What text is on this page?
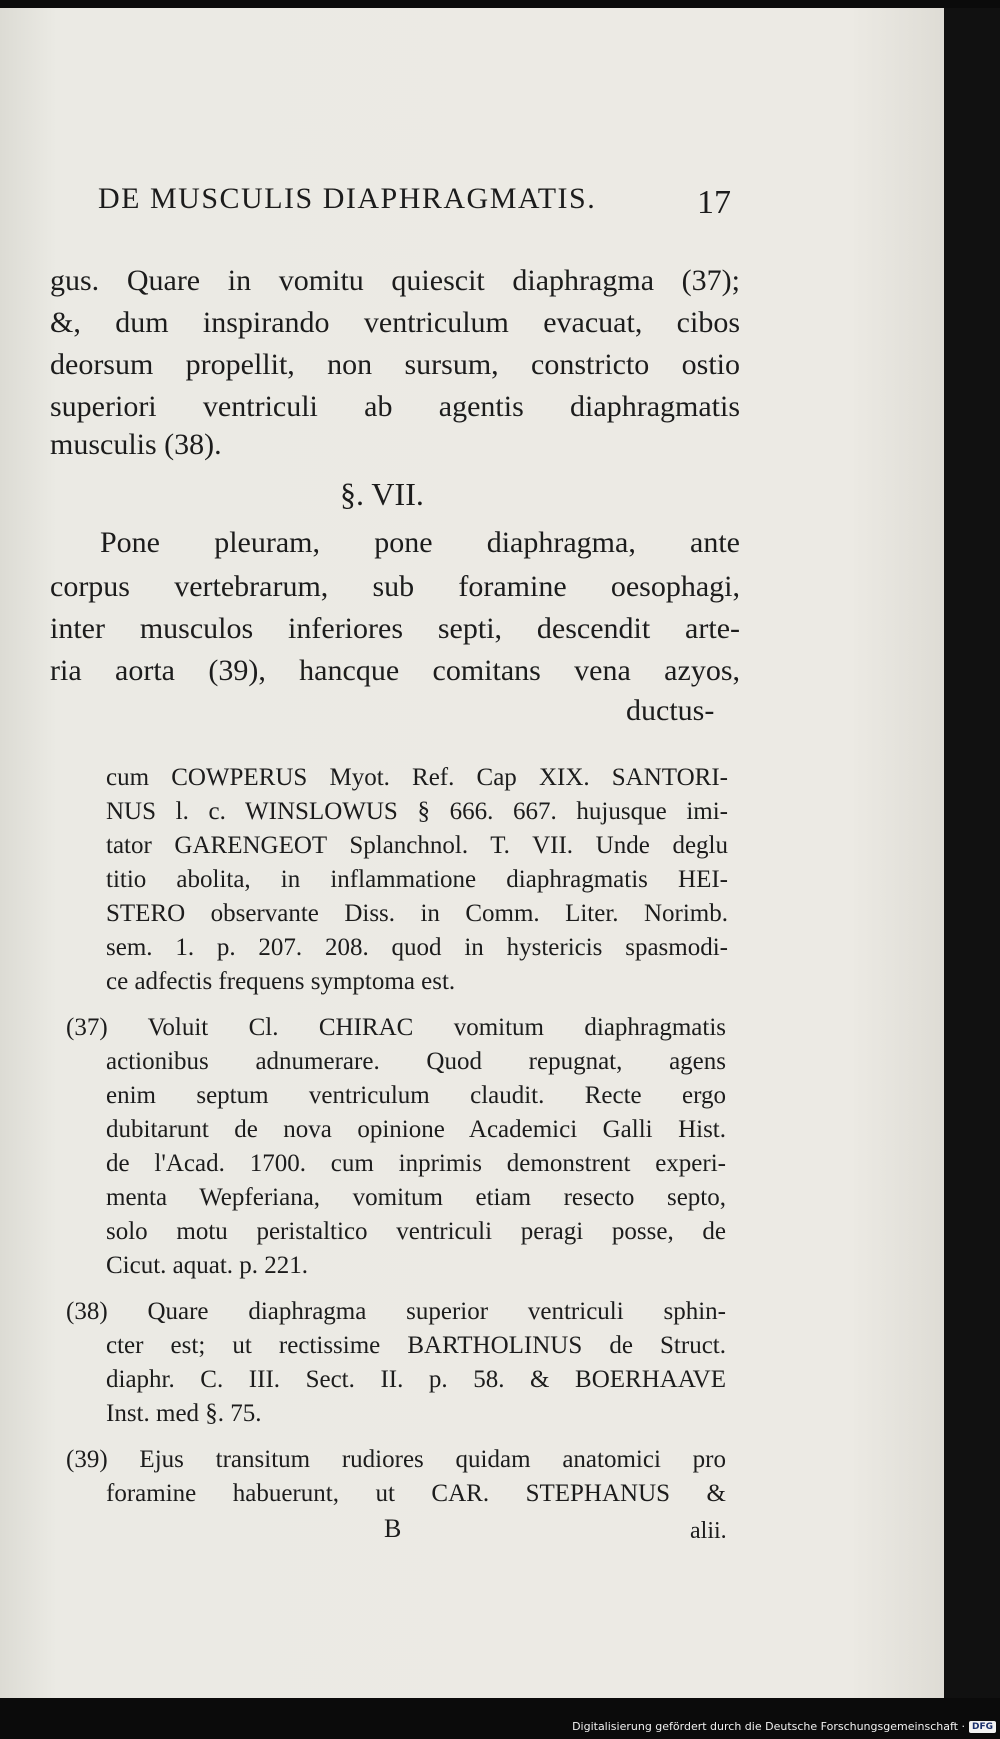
DE MUSCULIS DIAPHRAGMATIS.	17
gus. Quare in vomitu quiescit diaphragma (37);
&, dum inspirando ventriculum evacuat, cibos
deorsum propellit, non sursum, constricto ostio
superiori ventriculi ab agentis diaphragmatis
musculis (38).
§. VII.
Pone pleuram, pone diaphragma, ante
corpus vertebrarum, sub foramine oesophagi,
inter musculos inferiores septi, descendit arte-
ria aorta (39), hancque comitans vena azyos,
ductus-
cum COWPERUS Myot. Ref. Cap XIX. SANTORI-
NUS l. c. WINSLOWUS § 666. 667. hujusque imi-
tator GARENGEOT Splanchnol. T. VII. Unde deglu
titio abolita, in inflammatione diaphragmatis HEI-
STERO observante Diss. in Comm. Liter. Norimb.
sem. 1. p. 207. 208. quod in hystericis spasmodi-
ce adfectis frequens symptoma est.
(37) Voluit Cl. CHIRAC vomitum diaphragmatis
actionibus adnumerare. Quod repugnat, agens
enim septum ventriculum claudit. Recte ergo
dubitarunt de nova opinione Academici Galli Hist.
de l'Acad. 1700. cum inprimis demonstrent experi-
menta Wepferiana, vomitum etiam resecto septo,
solo motu peristaltico ventriculi peragi posse, de
Cicut. aquat. p. 221.
(38) Quare diaphragma superior ventriculi sphin-
cter est; ut rectissime BARTHOLINUS de Struct.
diaphr. C. III. Sect. II. p. 58. & BOERHAAVE
Inst. med §. 75.
(39) Ejus transitum rudiores quidam anatomici pro
foramine habuerunt, ut CAR. STEPHANUS &
B	alii.
Digitalisierung gefördert durch die Deutsche Forschungsgemeinschaft · DFG
